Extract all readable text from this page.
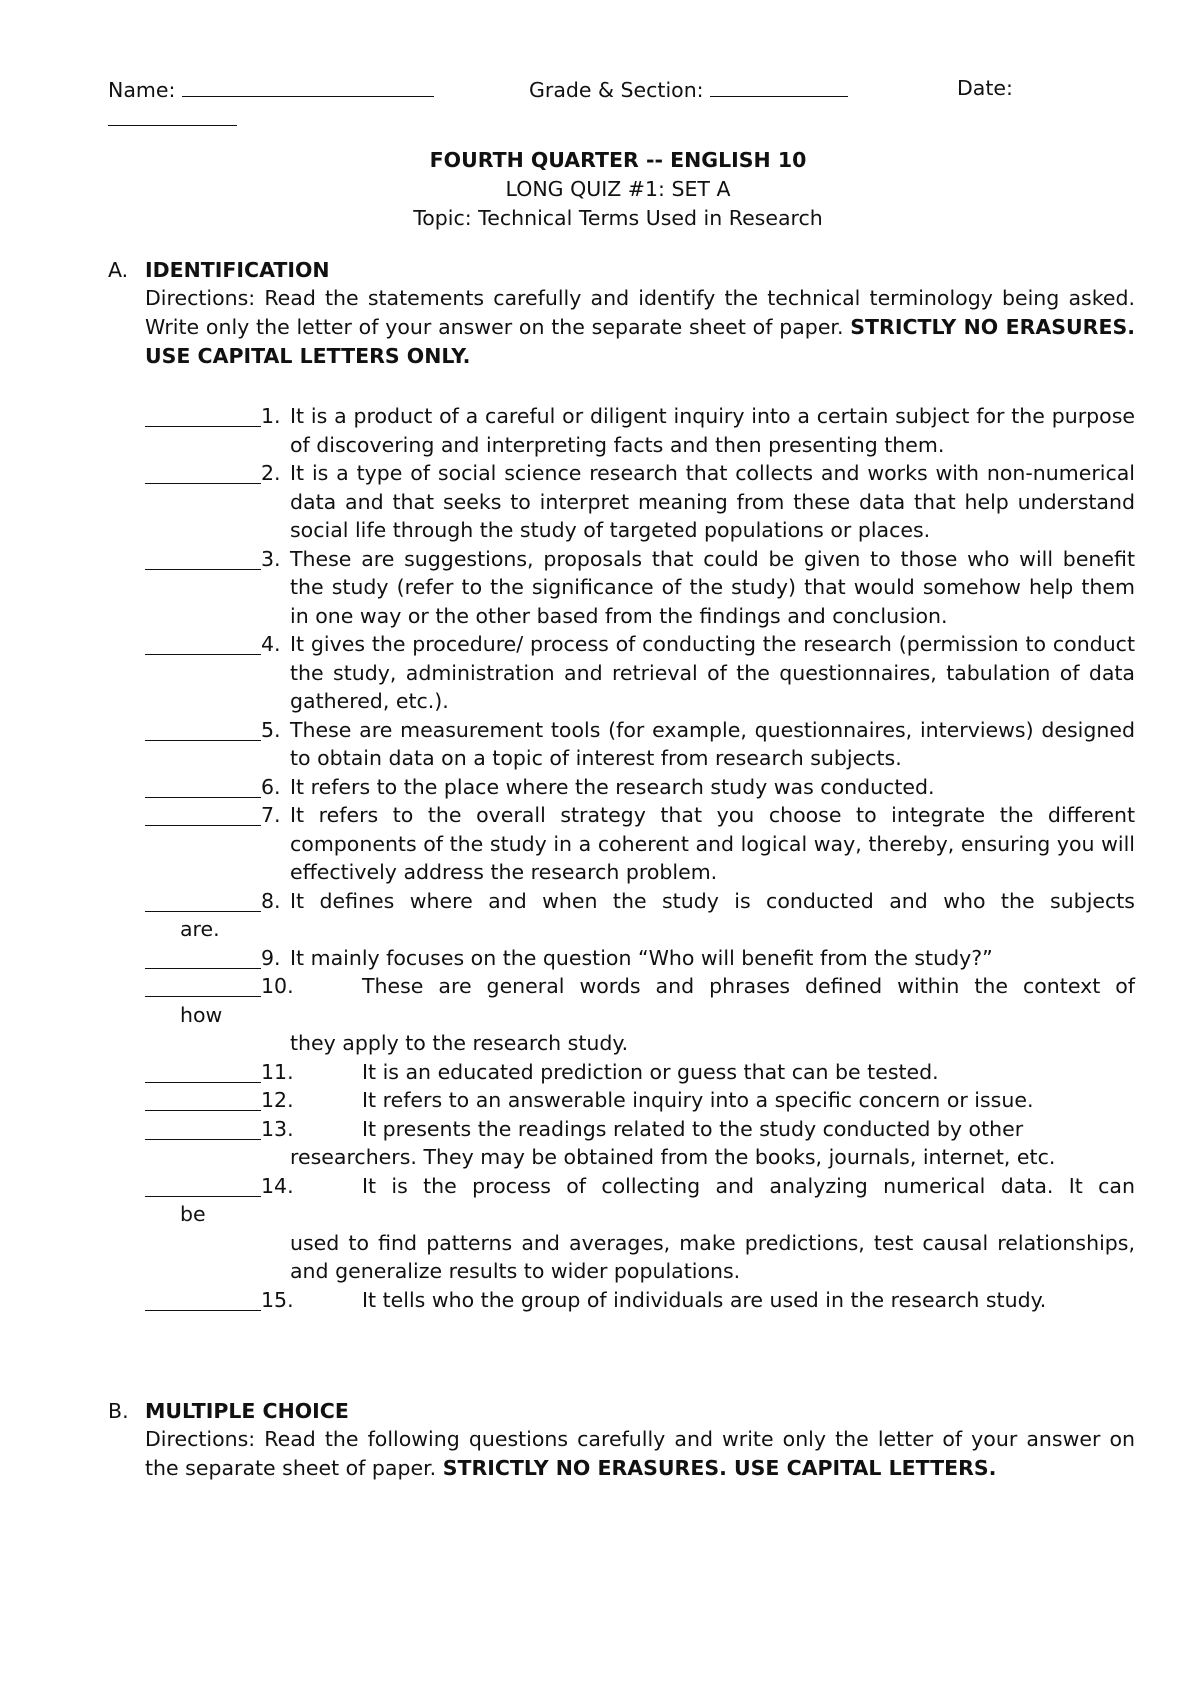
Name:	Grade & Section:	Date:
FOURTH QUARTER -- ENGLISH 10
LONG QUIZ #1: SET A
Topic: Technical Terms Used in Research
A. IDENTIFICATION
Directions: Read the statements carefully and identify the technical terminology being asked. Write only the letter of your answer on the separate sheet of paper. STRICTLY NO ERASURES. USE CAPITAL LETTERS ONLY.
1. It is a product of a careful or diligent inquiry into a certain subject for the purpose of discovering and interpreting facts and then presenting them.
2. It is a type of social science research that collects and works with non-numerical data and that seeks to interpret meaning from these data that help understand social life through the study of targeted populations or places.
3. These are suggestions, proposals that could be given to those who will benefit the study (refer to the significance of the study) that would somehow help them in one way or the other based from the findings and conclusion.
4. It gives the procedure/ process of conducting the research (permission to conduct the study, administration and retrieval of the questionnaires, tabulation of data gathered, etc.).
5. These are measurement tools (for example, questionnaires, interviews) designed to obtain data on a topic of interest from research subjects.
6. It refers to the place where the research study was conducted.
7. It refers to the overall strategy that you choose to integrate the different components of the study in a coherent and logical way, thereby, ensuring you will effectively address the research problem.
8. It defines where and when the study is conducted and who the subjects
are.
9. It mainly focuses on the question “Who will benefit from the study?”
10.	These are general words and phrases defined within the context of
how
they apply to the research study.
11.	It is an educated prediction or guess that can be tested.
12.	It refers to an answerable inquiry into a specific concern or issue.
13.	It presents the readings related to the study conducted by other
researchers. They may be obtained from the books, journals, internet, etc.
14.	It is the process of collecting and analyzing numerical data. It can
be
used to find patterns and averages, make predictions, test causal relationships, and generalize results to wider populations.
15.	It tells who the group of individuals are used in the research study.
B. MULTIPLE CHOICE
Directions: Read the following questions carefully and write only the letter of your answer on the separate sheet of paper. STRICTLY NO ERASURES. USE CAPITAL LETTERS.
